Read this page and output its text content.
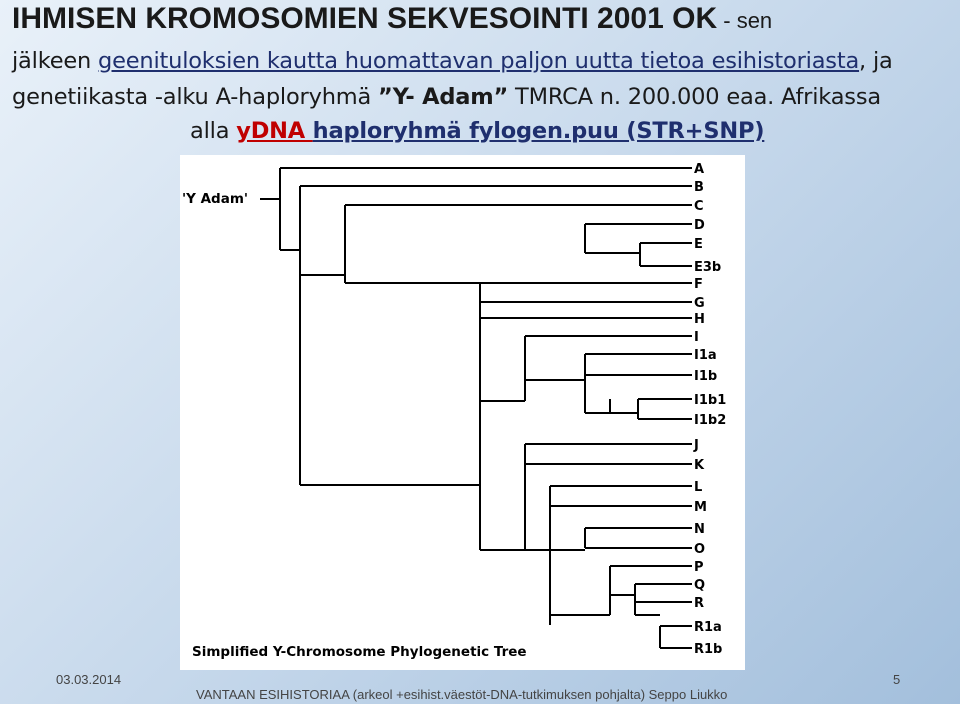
IHMISEN KROMOSOMIEN SEKVESOINTI 2001 OK - sen
jälkeen geenituloksien kautta huomattavan paljon uutta tietoa esihistoriasta, ja
genetiikasta -alku A-haploryhmä ”Y- Adam” TMRCA n. 200.000 eaa. Afrikassa
alla yDNA haploryhmä fylogen.puu (STR+SNP)
A
B
C
D
E
E3b
F
G
H
I
I1a
I1b
I1b1
I1b2
J
K
L
M
N
O
P
Q
R
R1a
R1b
'Y Adam'
Simplified Y-Chromosome Phylogenetic Tree
03.03.2014	5
VANTAAN ESIHISTORIAA (arkeol +esihist.väestöt-DNA-tutkimuksen pohjalta) Seppo Liukko
